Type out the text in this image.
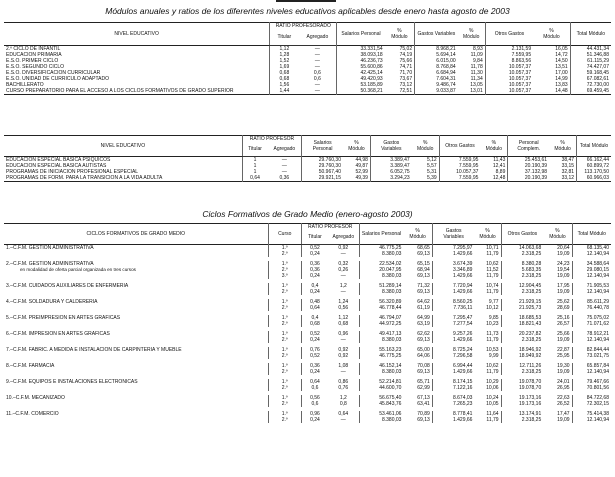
Módulos anuales y ratios de los diferentes niveles educativos aplicables desde enero hasta agosto de 2003
NIVEL EDUCATIVO	RATIO PROFESORADO		Salarios Personal	%
Módulo	Gastos Variables	%
Módulo	Otros Gastos	%
Módulo	Total Módulo
	Titular	Agregado							
2.º CICLO DE INFANTIL	1,12	—	33.331,54	75,02	8.968,21	8,93	2.131,59	16,05	44.431,34
EDUCACIÓN PRIMARIA	1,28	—	38.093,18	74,19	5.694,14	11,09	7.559,95	14,72	51.346,88
E.S.O. PRIMER CICLO	1,52	—	46.236,73	75,66	6.015,00	9,84	8.863,56	14,50	61.115,29
E.S.O. SEGUNDO CICLO	1,69	—	55.600,86	74,71	8.768,84	11,78	10.057,37	13,51	74.427,07
E.S.O. DIVERSIFICACIÓN CURRICULAR	0,68	0,6	42.425,14	71,70	6.684,94	11,30	10.057,37	17,00	59.168,45
E.S.O. UNIDAD DE CURRÍCULO ADAPTADO	0,68	0,6	49.420,93	73,67	7.604,31	11,34	10.057,37	14,99	67.082,61
BACHILLERATO	1,56	—	53.185,89	73,12	9.486,74	13,05	10.057,37	13,83	72.730,00
CURSO PREPARATORIO PARA EL ACCESO A LOS CICLOS FORMATIVOS DE GRADO SUPERIOR	1,44	—	50.368,21	72,51	9.033,87	13,01	10.057,37	14,48	69.459,45
NIVEL EDUCATIVO	RATIO PROFESOR		Salarios Personal	%
Módulo	Gastos Variables	%
Módulo	Otros Gastos	%
Módulo	Personal Complem.	%
Módulo	Total Módulo
	Titular	Agregado									
EDUCACIÓN ESPECIAL BÁSICA PSÍQUICOS	1	—	29.760,30	44,98	3.389,47	5,12	7.559,95	11,43	25.453,61	38,47	66.162,44
EDUCACIÓN ESPECIAL BÁSICA AUTISTAS	1	—	29.760,30	49,87	3.389,47	5,57	7.559,95	12,41	20.190,39	33,15	60.899,72
PROGRAMAS DE INICIACIÓN PROFESIONAL ESPECIAL	1	—	50.967,40	52,99	6.052,75	5,31	10.057,37	8,89	37.132,98	32,81	113.170,50
PROGRAMAS DE FORM. PARA LA TRANSICIÓN A LA VIDA ADULTA	0,64	0,36	29.921,15	49,39	3.294,23	5,39	7.559,95	12,48	20.190,39	33,12	60.966,03
Ciclos Formativos de Grado Medio (enero-agosto 2003)
CICLOS FORMATIVOS DE GRADO MEDIO	Curso	RATIO PROFESOR		Salarios Personal	%
Módulo	Gastos Variables	%
Módulo	Otros Gastos	%
Módulo	Total Módulo
		Titular	Agregado							
1.–C.F.M. GESTIÓN ADMINISTRATIVA	1.º	0,52	0,92	46.775,25	68,65	7.295,97	10,71	14.063,68	20,64	68.135,40
	2.º	0,24	—	8.380,03	69,13	1.429,66	11,79	2.318,25	19,09	12.140,94

2.–C.F.M. GESTIÓN ADMINISTRATIVA
en modalidad de oferta parcial organizada en tres cursos	1.º	0,36	0,32	22.534,02	65,15	3.674,39	10,62	8.380,28	24,23	34.588,64
	2.º	0,36	0,26	20.047,95	68,94	3.346,89	11,52	5.683,35	19,54	29.080,15
	3.º	0,24	—	8.380,03	69,13	1.429,66	11,79	2.318,25	19,09	12.140,94
3.–C.F.M. CUIDADOS AUXILIARES DE ENFERMERÍA	1.º	0,4	1,2	51.289,14	71,32	7.720,94	10,74	12.904,45	17,95	71.905,53
	2.º	0,24	—	8.380,03	69,13	1.429,66	11,79	2.318,25	19,09	12.140,94
4.–C.F.M. SOLDADURA Y CALDERERÍA	1.º	0,48	1,24	56.320,89	64,62	8.560,25	9,77	21.929,15	25,62	85.611,29
	2.º	0,64	0,56	46.778,44	61,19	7.736,11	10,12	21.925,73	28,69	76.440,78
5.–C.F.M. PREIMPRESIÓN EN ARTES GRÁFICAS	1.º	0,4	1,12	46.794,07	64,99	7.295,47	9,85	18.685,53	25,16	75.075,02
	2.º	0,68	0,68	44.972,25	63,19	7.277,54	10,23	18.821,43	26,57	71.071,62
6.–C.F.M. IMPRESIÓN EN ARTES GRÁFICAS	1.º	0,52	0,96	49.417,13	62,62	9.257,26	11,73	20.237,82	25,66	78.912,21
	2.º	0,24	—	8.380,03	69,13	1.429,66	11,79	2.318,25	19,09	12.140,94
7.–C.F.M. FABRIC. A MEDIDA E INSTALACIÓN DE CARPINTERÍA Y MUEBLE	1.º	0,76	0,92	55.163,23	65,00	8.725,24	10,53	18.946,92	22,87	82.844,44
	2.º	0,52	0,92	46.775,25	64,06	7.296,58	9,99	18.949,92	25,95	73.021,75
8.–C.F.M. FARMACIA	1.º	0,36	1,08	46.152,14	70,08	6.994,44	10,62	12.711,26	19,30	65.857,84
	2.º	0,24	—	8.380,03	69,13	1.429,66	11,79	2.318,25	19,09	12.140,94
9.–C.F.M. EQUIPOS E INSTALACIONES ELECTRÓNICAS	1.º	0,64	0,86	52.214,81	65,71	8.174,15	10,29	19.078,70	24,01	79.467,66
	2.º	0,6	0,76	44.600,70	62,99	7.122,16	10,06	19.078,70	26,95	70.801,56
10.–C.F.M. MECANIZADO	1.º	0,56	1,2	56.675,40	67,13	8.674,03	10,24	19.173,16	22,63	84.722,68
	2.º	0,6	0,8	45.843,76	63,41	7.265,23	10,05	19.173,16	26,52	72.302,15
11.–C.F.M. COMERCIO	1.º	0,96	0,64	53.461,06	70,89	8.778,41	11,64	13.174,91	17,47	75.414,38
	2.º	0,24	—	8.380,03	69,13	1.429,66	11,79	2.318,25	19,09	12.140,94
